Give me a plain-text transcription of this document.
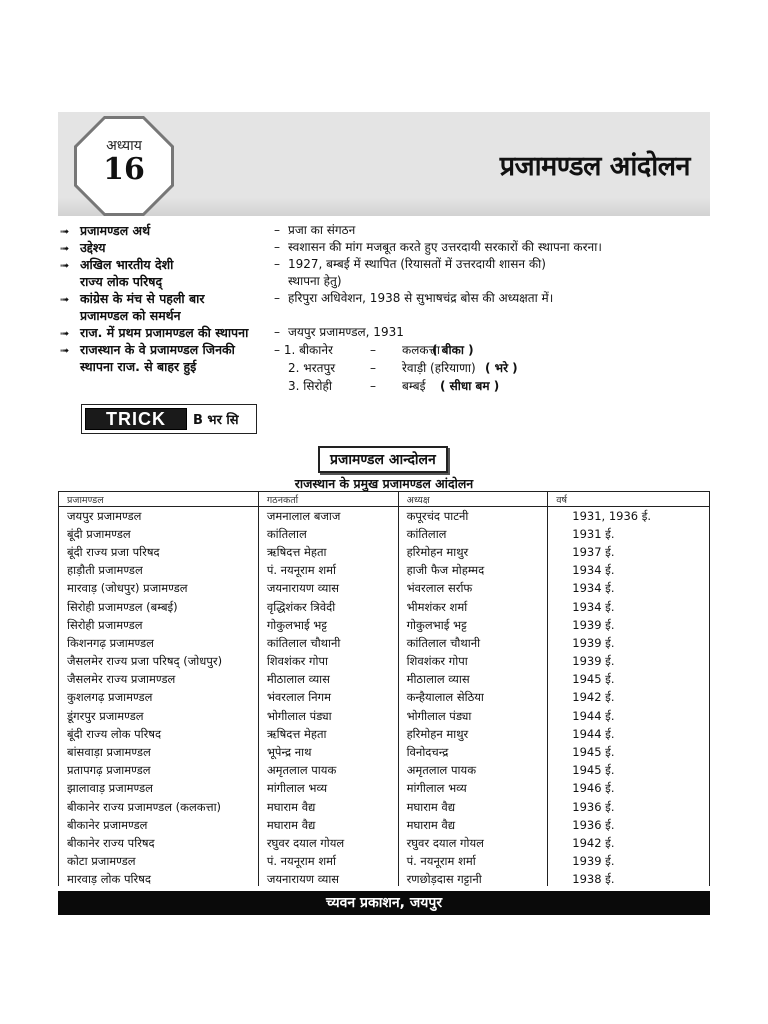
अध्याय
16	प्रजामण्डल आंदोलन
➟ प्रजामण्डल अर्थ	– प्रजा का संगठन
➟ उद्देश्य	– स्वशासन की मांग मजबूत करते हुए उत्तरदायी सरकारों की स्थापना करना।
➟ अखिल भारतीय देशी
राज्य लोक परिषद्
– 1927, बम्बई में स्थापित (रियासतों में उत्तरदायी शासन की)
स्थापना हेतु)
➟ कांग्रेस के मंच से पहली बार
प्रजामण्डल को समर्थन
– हरिपुरा अधिवेशन, 1938 से सुभाषचंद्र बोस की अध्यक्षता में।
➟ राज. में प्रथम प्रजामण्डल की स्थापना – जयपुर प्रजामण्डल, 1931
➟ राजस्थान के वे प्रजामण्डल जिनकी
स्थापना राज. से बाहर हुई
– 1. बीकानेर	– कलकत्ता
( बीका )
2. भरतपुर	– रेवाड़ी (हरियाणा) ( भरे )
3. सिरोही	– बम्बई ( सीधा बम )
TRICK	B भर सि
प्रजामण्डल आन्दोलन
राजस्थान के प्रमुख प्रजामण्डल आंदोलन
प्रजामण्डल	गठनकर्ता	अध्यक्ष	वर्ष
जयपुर प्रजामण्डल	जमनालाल बजाज	कपूरचंद पाटनी	1931, 1936 ई.
बूंदी प्रजामण्डल	कांतिलाल	कांतिलाल	1931 ई.
बूंदी राज्य प्रजा परिषद	ऋषिदत्त मेहता	हरिमोहन माथुर	1937 ई.
हाड़ौती प्रजामण्डल	पं. नयनूराम शर्मा	हाजी फैज मोहम्मद	1934 ई.
मारवाड़ (जोधपुर) प्रजामण्डल	जयनारायण व्यास	भंवरलाल सर्राफ	1934 ई.
सिरोही प्रजामण्डल (बम्बई)	वृद्धिशंकर त्रिवेदी	भीमशंकर शर्मा	1934 ई.
सिरोही प्रजामण्डल	गोकुलभाई भट्ट	गोकुलभाई भट्ट	1939 ई.
किशनगढ़ प्रजामण्डल	कांतिलाल चौथानी	कांतिलाल चौथानी	1939 ई.
जैसलमेर राज्य प्रजा परिषद् (जोधपुर)	शिवशंकर गोपा	शिवशंकर गोपा	1939 ई.
जैसलमेर राज्य प्रजामण्डल	मीठालाल व्यास	मीठालाल व्यास	1945 ई.
कुशलगढ़ प्रजामण्डल	भंवरलाल निगम	कन्हैयालाल सेठिया	1942 ई.
डूंगरपुर प्रजामण्डल	भोगीलाल पंड्या	भोगीलाल पंड्या	1944 ई.
बूंदी राज्य लोक परिषद	ऋषिदत्त मेहता	हरिमोहन माथुर	1944 ई.
बांसवाड़ा प्रजामण्डल	भूपेन्द्र नाथ	विनोदचन्द्र	1945 ई.
प्रतापगढ़ प्रजामण्डल	अमृतलाल पायक	अमृतलाल पायक	1945 ई.
झालावाड़ प्रजामण्डल	मांगीलाल भव्य	मांगीलाल भव्य	1946 ई.
बीकानेर राज्य प्रजामण्डल (कलकत्ता)	मघाराम वैद्य	मघाराम वैद्य	1936 ई.
बीकानेर प्रजामण्डल	मघाराम वैद्य	मघाराम वैद्य	1936 ई.
बीकानेर राज्य परिषद	रघुवर दयाल गोयल	रघुवर दयाल गोयल	1942 ई.
कोटा प्रजामण्डल	पं. नयनूराम शर्मा	पं. नयनूराम शर्मा	1939 ई.
मारवाड़ लोक परिषद	जयनारायण व्यास	रणछोड़दास गट्टानी	1938 ई.
च्यवन प्रकाशन, जयपुर
